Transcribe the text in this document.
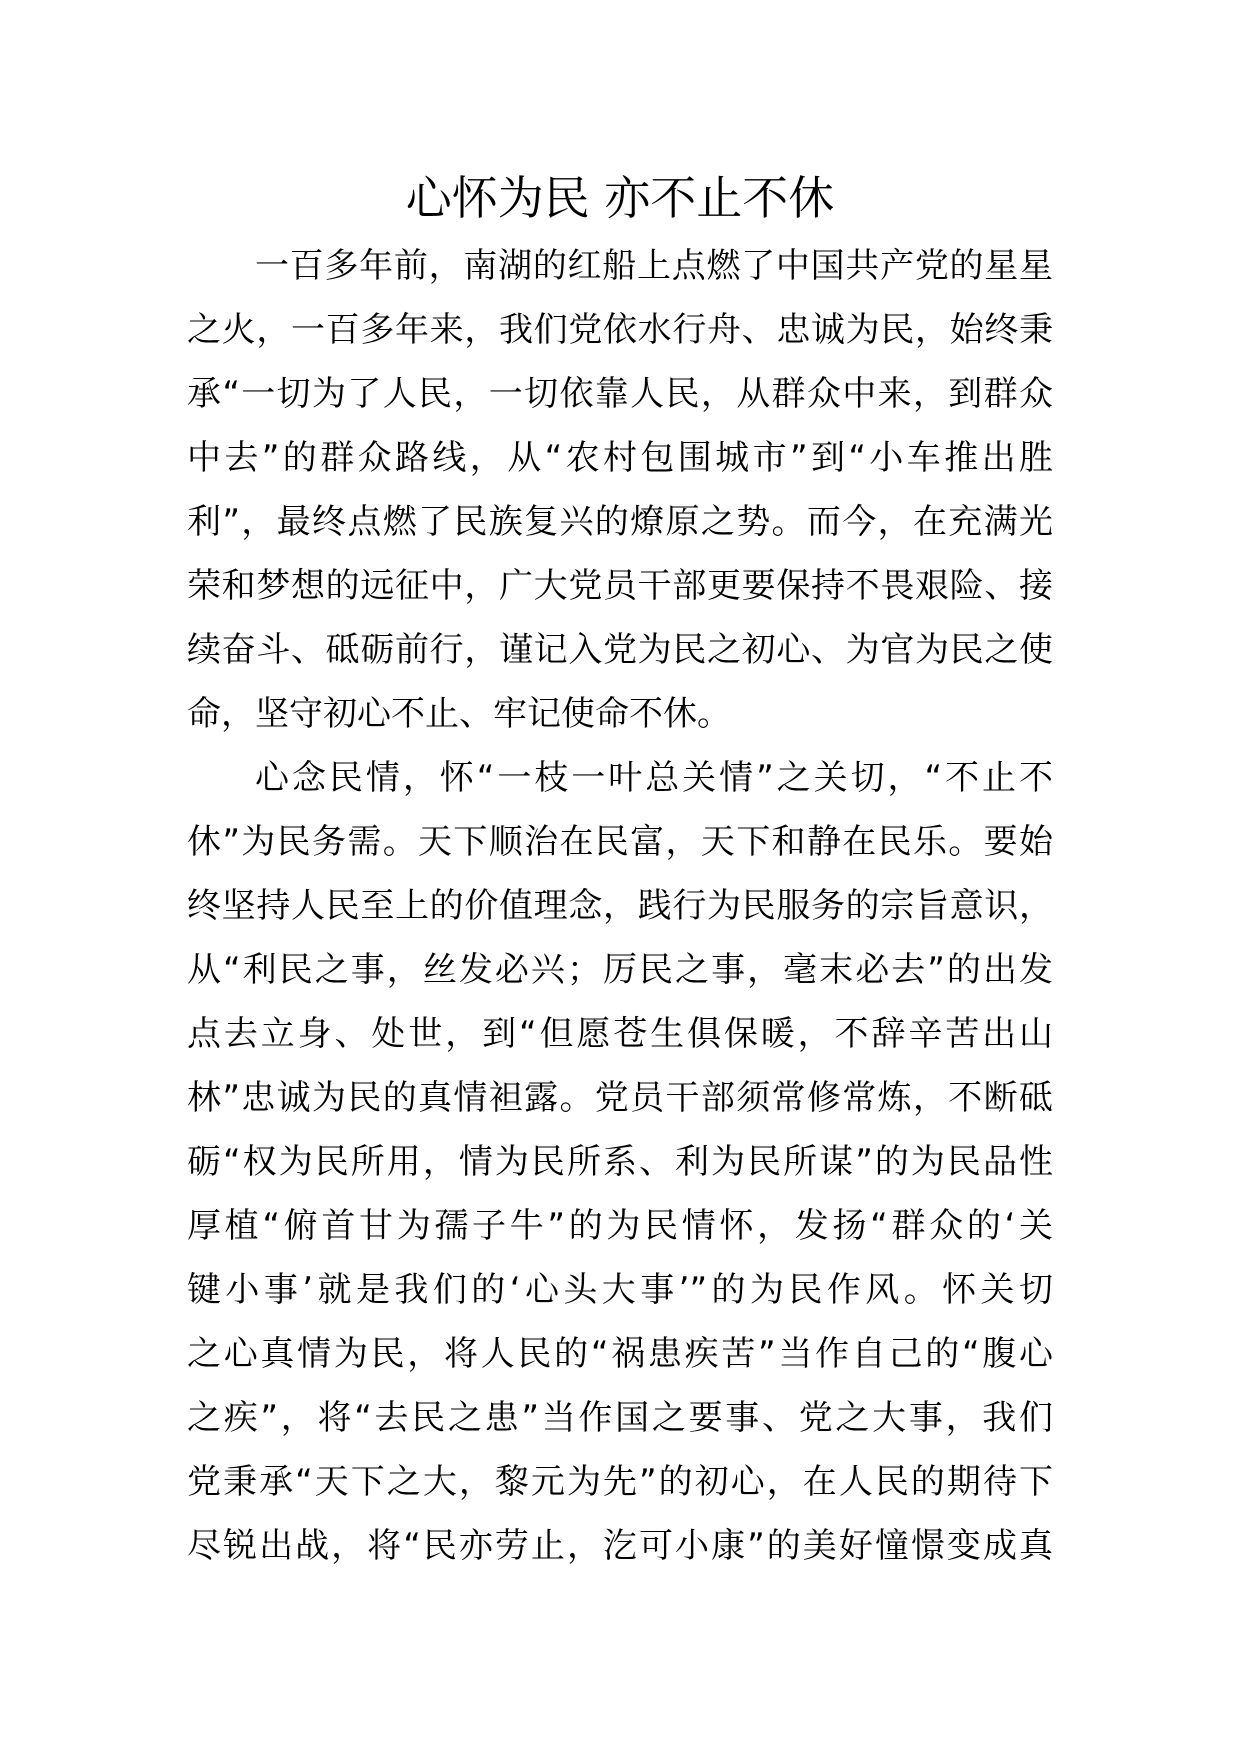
心怀为民 亦不止不休
一百多年前，南湖的红船上点燃了中国共产党的星星
之火，一百多年来，我们党依水行舟、忠诚为民，始终秉
承“一切为了人民，一切依靠人民，从群众中来，到群众
中去”的群众路线，从“农村包围城市”到“小车推出胜
利”，最终点燃了民族复兴的燎原之势。而今，在充满光
荣和梦想的远征中，广大党员干部更要保持不畏艰险、接
续奋斗、砥砺前行，谨记入党为民之初心、为官为民之使
命，坚守初心不止、牢记使命不休。
心念民情，怀“一枝一叶总关情”之关切，“不止不
休”为民务需。天下顺治在民富，天下和静在民乐。要始
终坚持人民至上的价值理念，践行为民服务的宗旨意识，
从“利民之事，丝发必兴；厉民之事，毫末必去”的出发
点去立身、处世，到“但愿苍生俱保暖，不辞辛苦出山
林”忠诚为民的真情袒露。党员干部须常修常炼，不断砥
砺“权为民所用，情为民所系、利为民所谋”的为民品性
厚植“俯首甘为孺子牛”的为民情怀，发扬“群众的‘关
键小事’就是我们的‘心头大事’”的为民作风。怀关切
之心真情为民，将人民的“祸患疾苦”当作自己的“腹心
之疾”，将“去民之患”当作国之要事、党之大事，我们
党秉承“天下之大，黎元为先”的初心，在人民的期待下
尽锐出战，将“民亦劳止，汔可小康”的美好憧憬变成真
